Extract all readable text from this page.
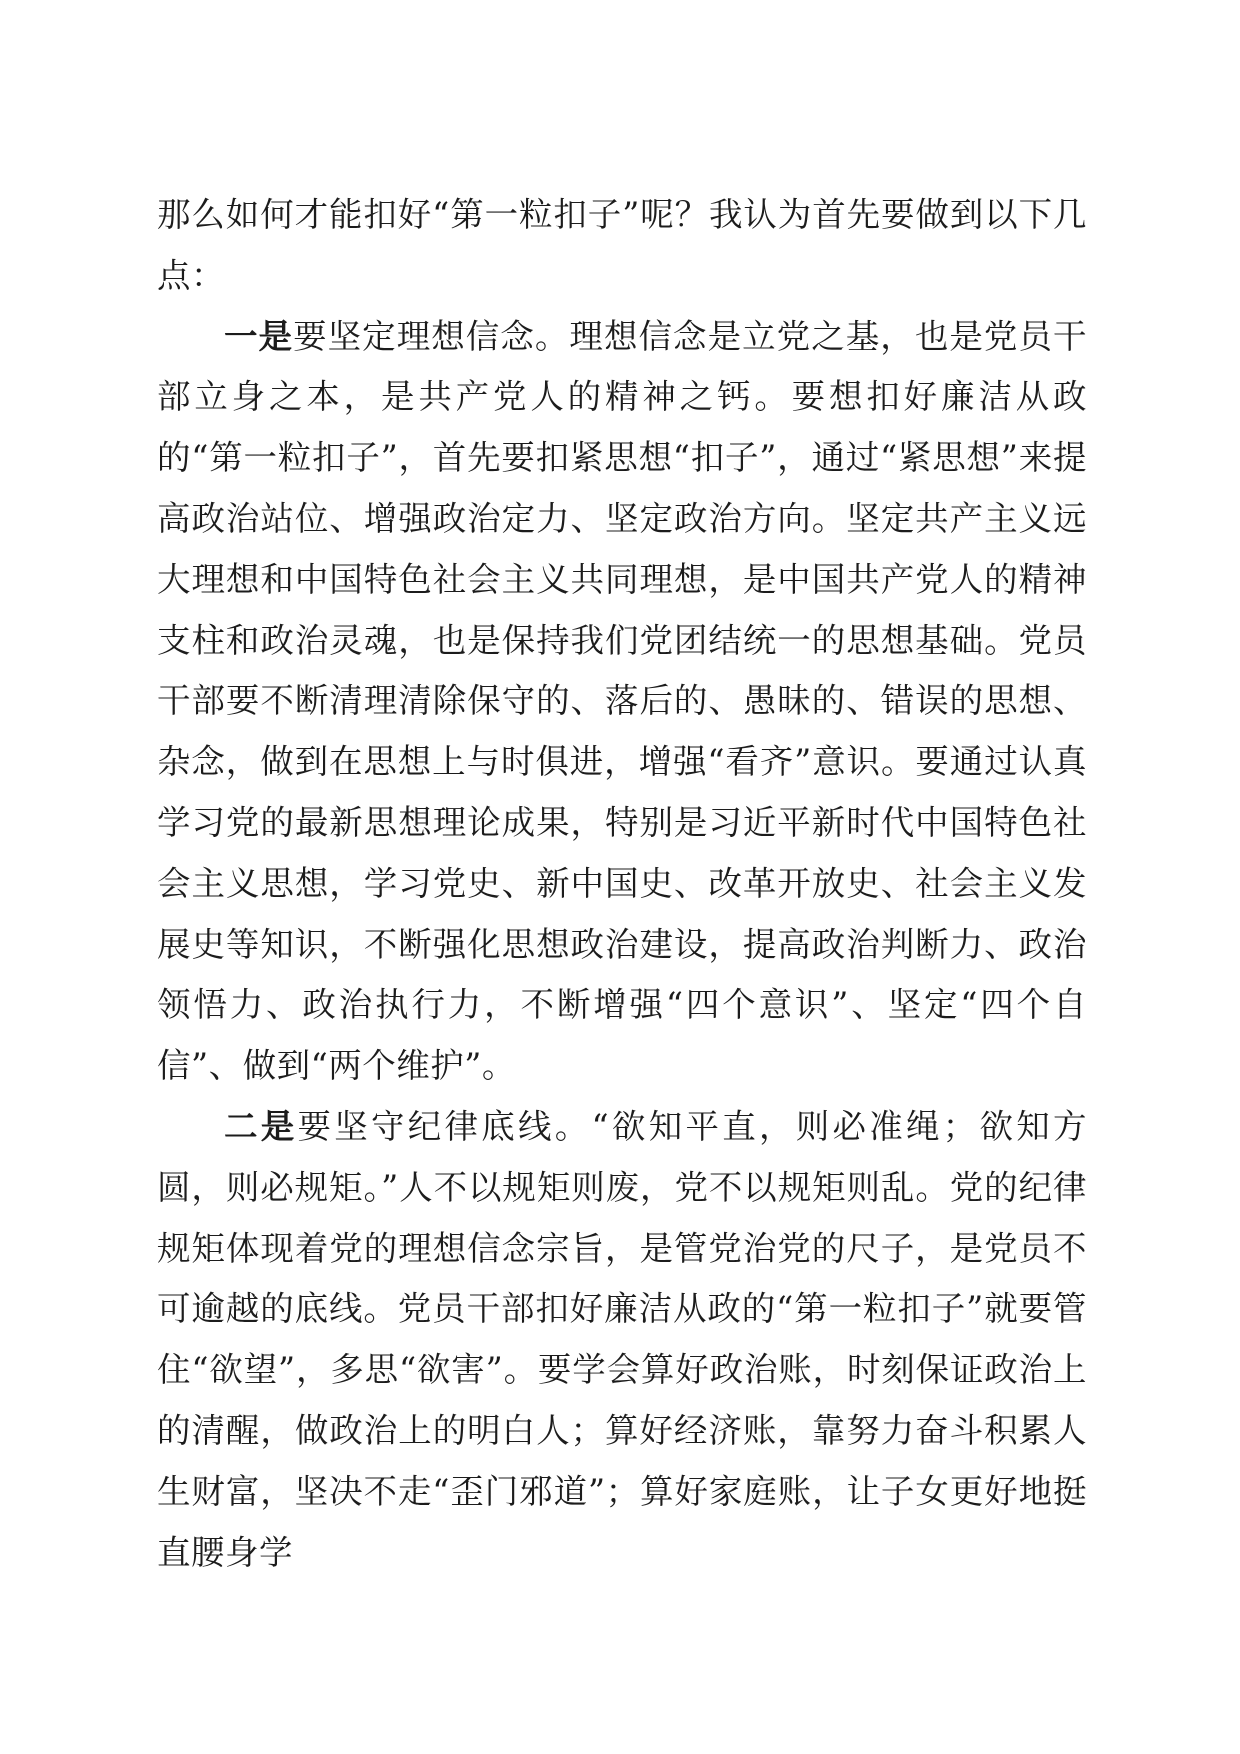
那么如何才能扣好“第一粒扣子”呢？我认为首先要做到以下几点：

一是要坚定理想信念。理想信念是立党之基，也是党员干部立身之本，是共产党人的精神之钙。要想扣好廉洁从政的“第一粒扣子”，首先要扣紧思想“扣子”，通过“紧思想”来提高政治站位、增强政治定力、坚定政治方向。坚定共产主义远大理想和中国特色社会主义共同理想，是中国共产党人的精神支柱和政治灵魂，也是保持我们党团结统一的思想基础。党员干部要不断清理清除保守的、落后的、愚昧的、错误的思想、杂念，做到在思想上与时俱进，增强“看齐”意识。要通过认真学习党的最新思想理论成果，特别是习近平新时代中国特色社会主义思想，学习党史、新中国史、改革开放史、社会主义发展史等知识，不断强化思想政治建设，提高政治判断力、政治领悟力、政治执行力，不断增强“四个意识”、坚定“四个自信”、做到“两个维护”。

二是要坚守纪律底线。“欲知平直，则必准绳；欲知方圆，则必规矩。”人不以规矩则废，党不以规矩则乱。党的纪律规矩体现着党的理想信念宗旨，是管党治党的尺子，是党员不可逾越的底线。党员干部扣好廉洁从政的“第一粒扣子”就要管住“欲望”，多思“欲害”。要学会算好政治账，时刻保证政治上的清醒，做政治上的明白人；算好经济账，靠努力奋斗积累人生财富，坚决不走“歪门邪道”；算好家庭账，让子女更好地挺直腰身学
